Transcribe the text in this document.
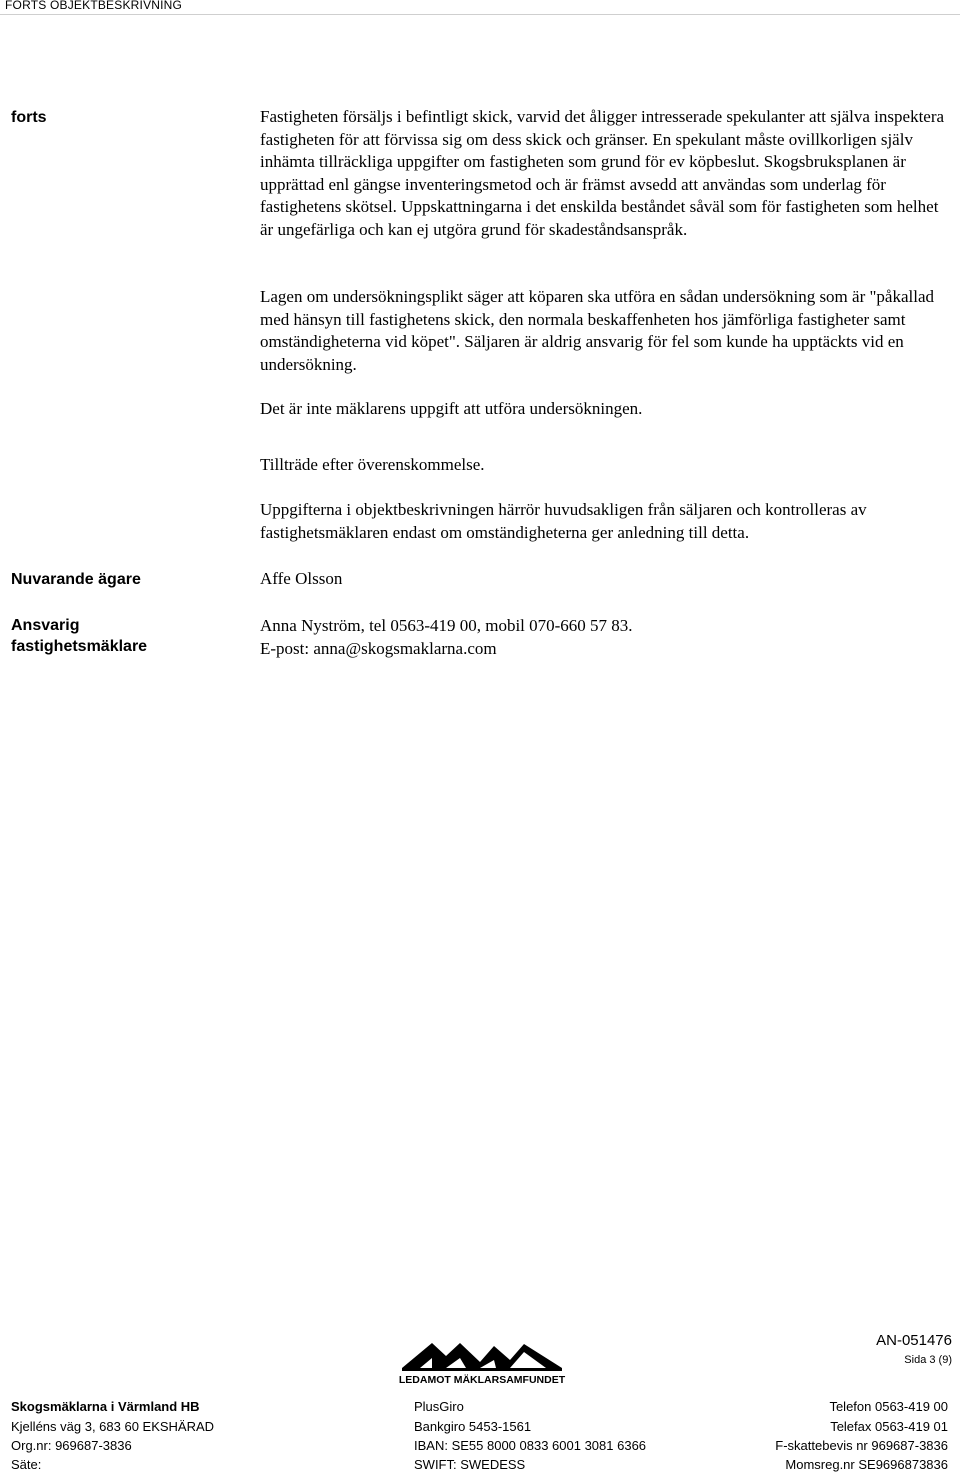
FORTS OBJEKTBESKRIVNING
forts	Fastigheten försäljs i befintligt skick, varvid det åligger intresserade spekulanter att själva inspektera fastigheten för att förvissa sig om dess skick och gränser. En spekulant måste ovillkorligen själv inhämta tillräckliga uppgifter om fastigheten som grund för ev köpbeslut. Skogsbruksplanen är upprättad enl gängse inventeringsmetod och är främst avsedd att användas som underlag för fastighetens skötsel. Uppskattningarna i det enskilda beståndet såväl som för fastigheten som helhet är ungefärliga och kan ej utgöra grund för skadeståndsanspråk.
Lagen om undersökningsplikt säger att köparen ska utföra en sådan undersökning som är "påkallad med hänsyn till fastighetens skick, den normala beskaffenheten hos jämförliga fastigheter samt omständigheterna vid köpet". Säljaren är aldrig ansvarig för fel som kunde ha upptäckts vid en undersökning.
Det är inte mäklarens uppgift att utföra undersökningen.
Tillträde efter överenskommelse.
Uppgifterna i objektbeskrivningen härrör huvudsakligen från säljaren och kontrolleras av fastighetsmäklaren endast om omständigheterna ger anledning till detta.
Nuvarande ägare	Affe Olsson
Ansvarig
fastighetsmäklare
Anna Nyström, tel 0563-419 00, mobil 070-660 57 83.
E-post: anna@skogsmaklarna.com
LEDAMOT MÄKLARSAMFUNDET
AN-051476
Sida 3 (9)
Skogsmäklarna i Värmland HB
Kjelléns väg 3, 683 60 EKSHÄRAD
Org.nr: 969687-3836
Säte:
PlusGiro
Bankgiro 5453-1561
IBAN: SE55 8000 0833 6001 3081 6366
SWIFT: SWEDESS
Telefon 0563-419 00
Telefax 0563-419 01
F-skattebevis nr 969687-3836
Momsreg.nr SE9696873836
